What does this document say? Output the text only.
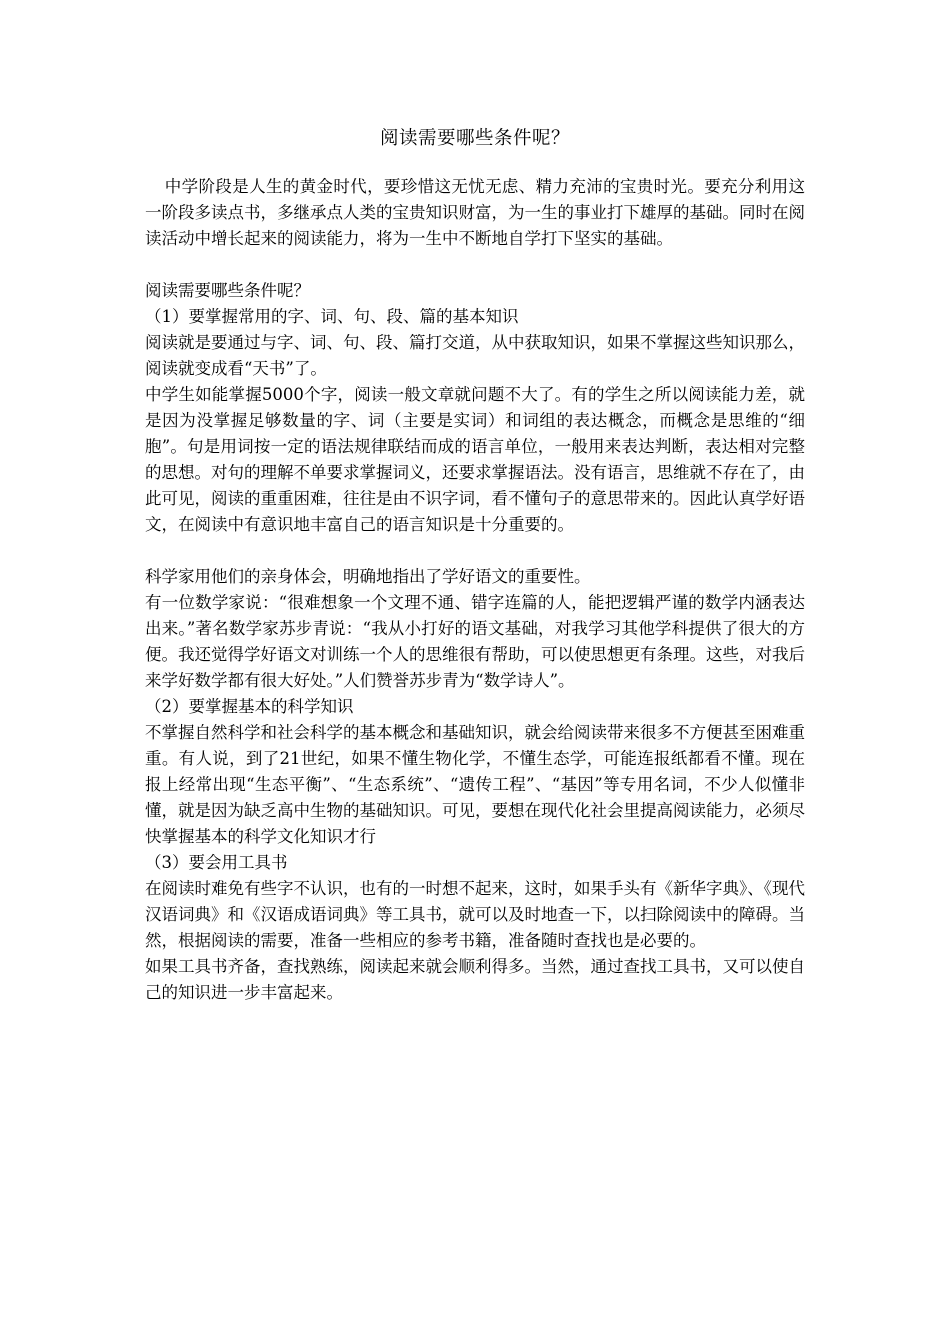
阅读需要哪些条件呢？

中学阶段是人生的黄金时代，要珍惜这无忧无虑、精力充沛的宝贵时光。要充分利用这一阶段多读点书，多继承点人类的宝贵知识财富，为一生的事业打下雄厚的基础。同时在阅读活动中增长起来的阅读能力，将为一生中不断地自学打下坚实的基础。

阅读需要哪些条件呢？

（1）要掌握常用的字、词、句、段、篇的基本知识

阅读就是要通过与字、词、句、段、篇打交道，从中获取知识，如果不掌握这些知识那么，阅读就变成看“天书”了。

中学生如能掌握5000个字，阅读一般文章就问题不大了。有的学生之所以阅读能力差，就是因为没掌握足够数量的字、词（主要是实词）和词组的表达概念，而概念是思维的“细胞”。句是用词按一定的语法规律联结而成的语言单位，一般用来表达判断，表达相对完整的思想。对句的理解不单要求掌握词义，还要求掌握语法。没有语言，思维就不存在了，由此可见，阅读的重重困难，往往是由不识字词，看不懂句子的意思带来的。因此认真学好语文，在阅读中有意识地丰富自己的语言知识是十分重要的。

科学家用他们的亲身体会，明确地指出了学好语文的重要性。

有一位数学家说：“很难想象一个文理不通、错字连篇的人，能把逻辑严谨的数学内涵表达出来。”著名数学家苏步青说：“我从小打好的语文基础，对我学习其他学科提供了很大的方便。我还觉得学好语文对训练一个人的思维很有帮助，可以使思想更有条理。这些，对我后来学好数学都有很大好处。”人们赞誉苏步青为“数学诗人”。

（2）要掌握基本的科学知识

不掌握自然科学和社会科学的基本概念和基础知识，就会给阅读带来很多不方便甚至困难重重。有人说，到了21世纪，如果不懂生物化学，不懂生态学，可能连报纸都看不懂。现在报上经常出现“生态平衡”、“生态系统”、“遗传工程”、“基因”等专用名词，不少人似懂非懂，就是因为缺乏高中生物的基础知识。可见，要想在现代化社会里提高阅读能力，必须尽快掌握基本的科学文化知识才行

（3）要会用工具书

在阅读时难免有些字不认识，也有的一时想不起来，这时，如果手头有《新华字典》、《现代汉语词典》和《汉语成语词典》等工具书，就可以及时地查一下，以扫除阅读中的障碍。当然，根据阅读的需要，准备一些相应的参考书籍，准备随时查找也是必要的。

如果工具书齐备，查找熟练，阅读起来就会顺利得多。当然，通过查找工具书，又可以使自己的知识进一步丰富起来。
